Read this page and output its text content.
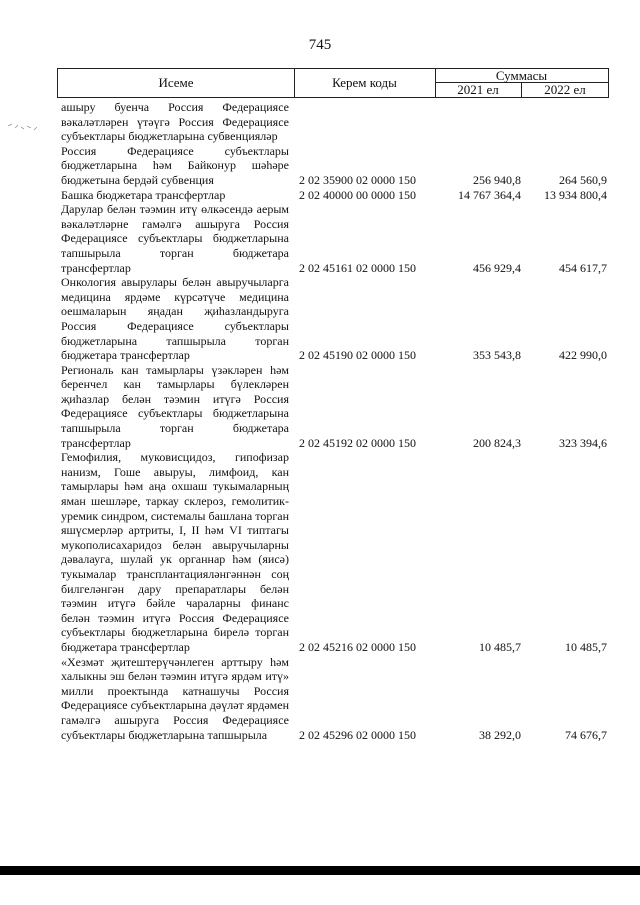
745
Исеме	Керем коды	Суммасы
2021 ел	2022 ел
ашыру буенча Россия Федерациясе вәкаләтләрен үтәүгә Россия Федерациясе субъектлары бюджетларына субвенцияләр
Россия Федерациясе субъектлары бюджетларына һәм Байконур шәһәре бюджетына бердәй субвенция	2 02 35900 02 0000 150	256 940,8	264 560,9
Башка бюджетара трансфертлар	2 02 40000 00 0000 150	14 767 364,4	13 934 800,4
Дарулар белән тәэмин итү өлкәсендә аерым вәкаләтләрне гамәлгә ашыруга Россия Федерациясе субъектлары бюджетларына тапшырыла торган бюджетара трансфертлар	2 02 45161 02 0000 150	456 929,4	454 617,7
Онкология авырулары белән авыручыларга медицина ярдәме күрсәтүче медицина оешмаларын яңадан җиһазландыруга Россия Федерациясе субъектлары бюджетларына тапшырыла торган бюджетара трансфертлар	2 02 45190 02 0000 150	353 543,8	422 990,0
Региональ кан тамырлары үзәкләрен һәм беренчел кан тамырлары бүлекләрен җиһазлар белән тәэмин итүгә Россия Федерациясе субъектлары бюджетларына тапшырыла торган бюджетара трансфертлар	2 02 45192 02 0000 150	200 824,3	323 394,6
Гемофилия, муковисцидоз, гипофизар нанизм, Гоше авыруы, лимфоид, кан тамырлары һәм аңа охшаш тукымаларның яман шешләре, таркау склероз, гемолитик-уремик синдром, системалы башлана торган яшүсмерләр артриты, I, II һәм VI типтагы мукополисахаридоз белән авыручыларны дәвалауга, шулай ук органнар һәм (яисә) тукымалар трансплантацияләнгәннән соң билгеләнгән дару препаратлары белән тәэмин итүгә бәйле чараларны финанс белән тәэмин итүгә Россия Федерациясе субъектлары бюджетларына бирелә торган бюджетара трансфертлар	2 02 45216 02 0000 150	10 485,7	10 485,7
«Хезмәт җитештерүчәнлеген арттыру һәм халыкны эш белән тәэмин итүгә ярдәм итү» милли проектында катнашучы Россия Федерациясе субъектларына дәүләт ярдәмен гамәлгә ашыруга Россия Федерациясе субъектлары бюджетларына тапшырыла	2 02 45296 02 0000 150	38 292,0	74 676,7
